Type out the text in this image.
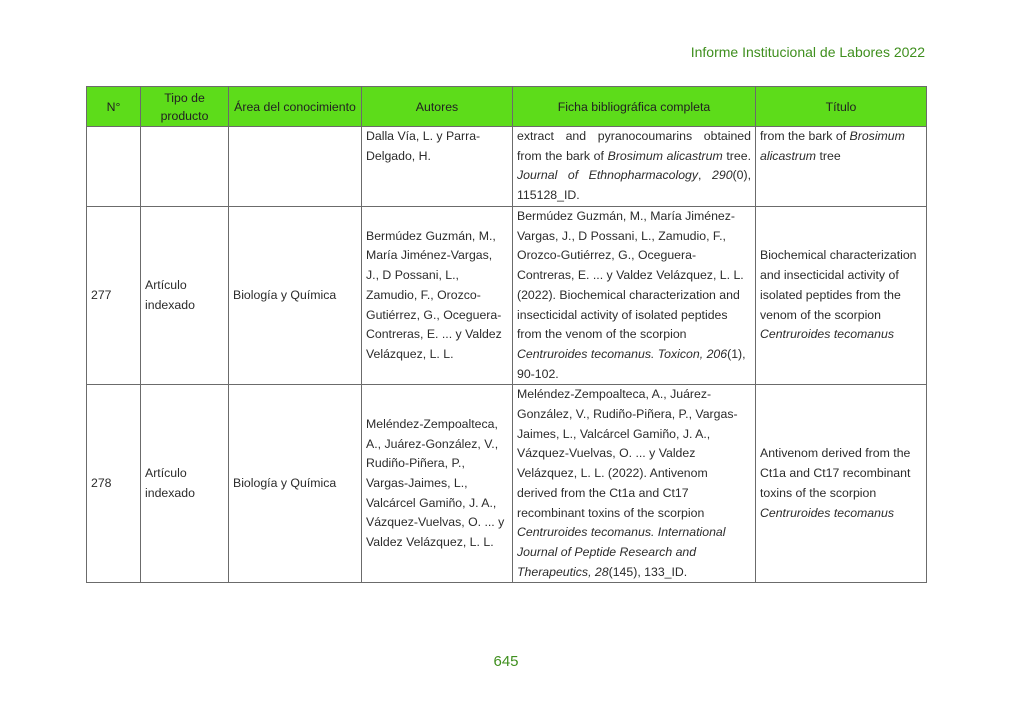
Informe Institucional de Labores 2022
N°	Tipo de producto	Área del conocimiento	Autores	Ficha bibliográfica completa	Título
			Dalla Vía, L. y Parra-Delgado, H.	extract and pyranocoumarins obtained from the bark of Brosimum alicastrum tree. Journal of Ethnopharmacology, 290(0), 115128_ID.	from the bark of Brosimum alicastrum tree
277	Artículo indexado	Biología y Química	Bermúdez Guzmán, M., María Jiménez-Vargas, J., D Possani, L., Zamudio, F., Orozco-Gutiérrez, G., Oceguera-Contreras, E. ... y Valdez Velázquez, L. L.	Bermúdez Guzmán, M., María Jiménez-Vargas, J., D Possani, L., Zamudio, F., Orozco-Gutiérrez, G., Oceguera-Contreras, E. ... y Valdez Velázquez, L. L. (2022). Biochemical characterization and insecticidal activity of isolated peptides from the venom of the scorpion Centruroides tecomanus. Toxicon, 206(1), 90-102.	Biochemical characterization and insecticidal activity of isolated peptides from the venom of the scorpion Centruroides tecomanus
278	Artículo indexado	Biología y Química	Meléndez-Zempoalteca, A., Juárez-González, V., Rudiño-Piñera, P., Vargas-Jaimes, L., Valcárcel Gamiño, J. A., Vázquez-Vuelvas, O. ... y Valdez Velázquez, L. L.	Meléndez-Zempoalteca, A., Juárez-González, V., Rudiño-Piñera, P., Vargas-Jaimes, L., Valcárcel Gamiño, J. A., Vázquez-Vuelvas, O. ... y Valdez Velázquez, L. L. (2022). Antivenom derived from the Ct1a and Ct17 recombinant toxins of the scorpion Centruroides tecomanus. International Journal of Peptide Research and Therapeutics, 28(145), 133_ID.	Antivenom derived from the Ct1a and Ct17 recombinant toxins of the scorpion Centruroides tecomanus
645
